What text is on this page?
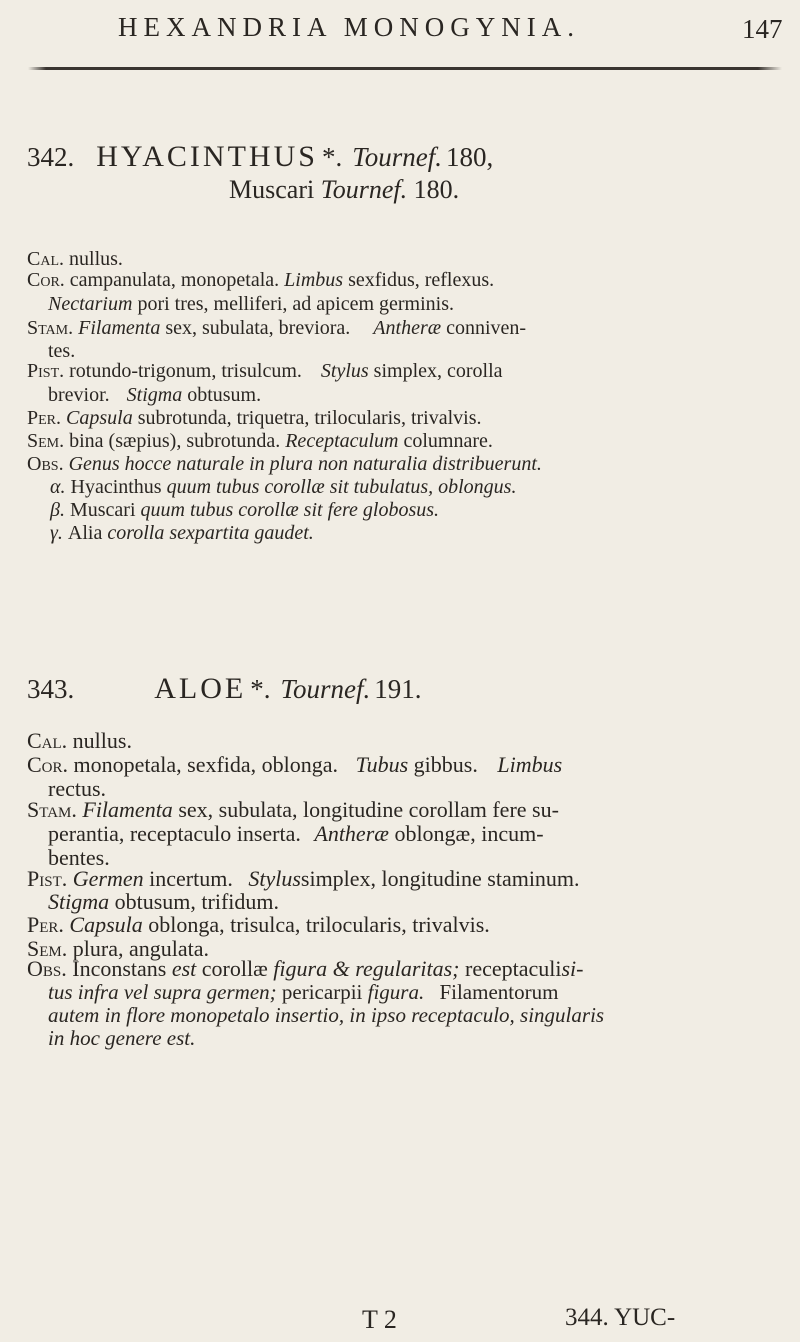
HEXANDRIA MONOGYNIA.	147
342. HYACINTHUS *. Tournef. 180,
Muscari Tournef. 180.
Cal. nullus.
Cor. campanulata, monopetala. Limbus sexfidus, reflexus.
Nectarium pori tres, melliferi, ad apicem germinis.
Stam. Filamenta sex, subulata, breviora. Antheræ conniven-
tes.
Pist. rotundo-trigonum, trisulcum. Stylus simplex, corolla
brevior. Stigma obtusum.
Per. Capsula subrotunda, triquetra, trilocularis, trivalvis.
Sem. bina (sæpius), subrotunda. Receptaculum columnare.
Obs. Genus hocce naturale in plura non naturalia distribuerunt.
α. Hyacinthus quum tubus corollæ sit tubulatus, oblongus.
β. Muscari quum tubus corollæ sit fere globosus.
γ. Alia corolla sexpartita gaudet.
343.	ALOE *. Tournef. 191.
Cal. nullus.
Cor. monopetala, sexfida, oblonga. Tubus gibbus. Limbus
rectus.
Stam. Filamenta sex, subulata, longitudine corollam fere su-
perantia, receptaculo inserta. Antheræ oblongæ, incum-
bentes.
Pist. Germen incertum. Stylussimplex, longitudine staminum.
Stigma obtusum, trifidum.
Per. Capsula oblonga, trisulca, trilocularis, trivalvis.
Sem. plura, angulata.
Obs. Inconstans est corollæ figura & regularitas; receptaculisi-
tus infra vel supra germen; pericarpii figura. Filamentorum
autem in flore monopetalo insertio, in ipso receptaculo, singularis
in hoc genere est.
T 2	344. YUC-
